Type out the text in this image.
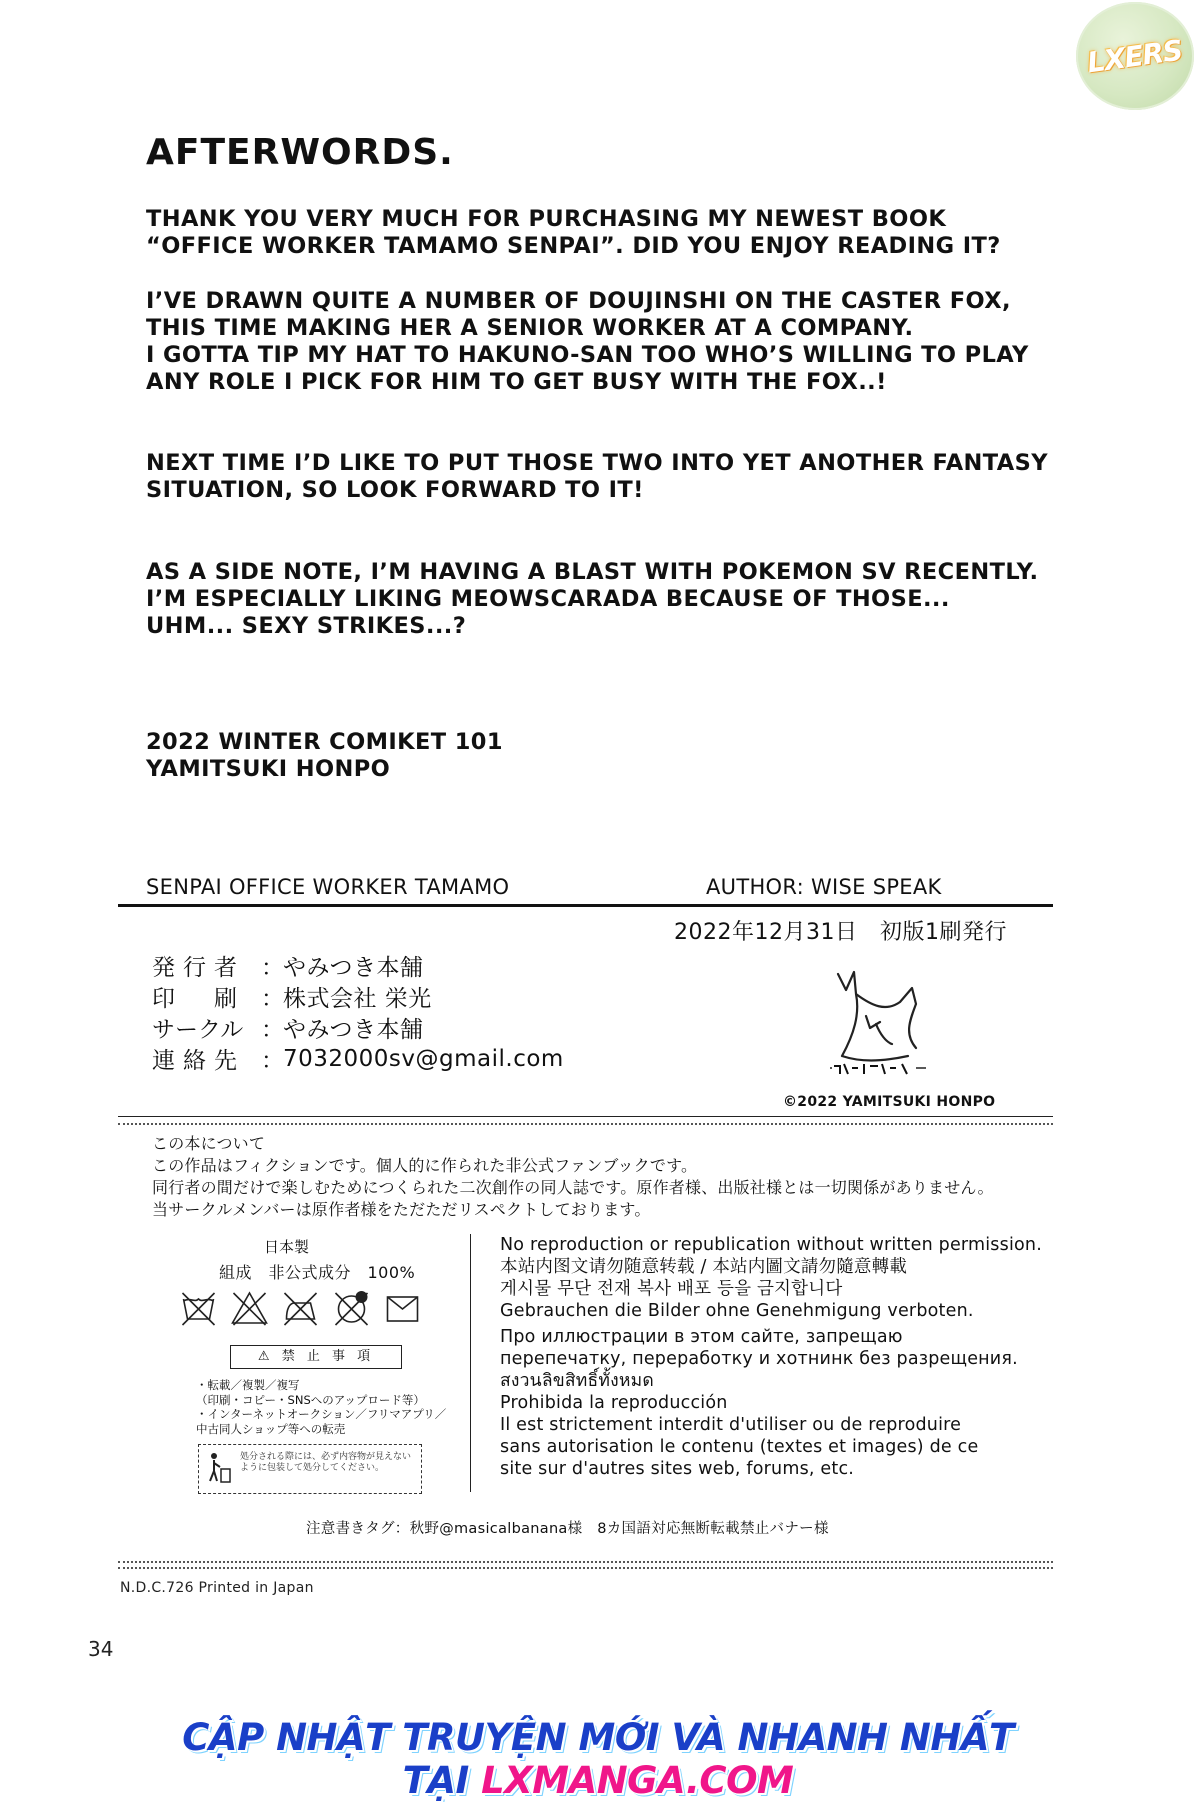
LXERS
AFTERWORDS.
THANK YOU VERY MUCH FOR PURCHASING MY NEWEST BOOK
“OFFICE WORKER TAMAMO SENPAI”. DID YOU ENJOY READING IT?
I’VE DRAWN QUITE A NUMBER OF DOUJINSHI ON THE CASTER FOX,
THIS TIME MAKING HER A SENIOR WORKER AT A COMPANY.
I GOTTA TIP MY HAT TO HAKUNO-SAN TOO WHO’S WILLING TO PLAY
ANY ROLE I PICK FOR HIM TO GET BUSY WITH THE FOX..!
NEXT TIME I’D LIKE TO PUT THOSE TWO INTO YET ANOTHER FANTASY
SITUATION, SO LOOK FORWARD TO IT!
AS A SIDE NOTE, I’M HAVING A BLAST WITH POKEMON SV RECENTLY.
I’M ESPECIALLY LIKING MEOWSCARADA BECAUSE OF THOSE...
UHM... SEXY STRIKES...?
2022 WINTER COMIKET 101
YAMITSUKI HONPO
SENPAI OFFICE WORKER TAMAMO	AUTHOR: WISE SPEAK
2022年12月31日　初版1刷発行
発行者 ： やみつき本舗
印　刷 ： 株式会社 栄光
サークル ： やみつき本舗
連絡先 ： 7032000sv@gmail.com
©2022 YAMITSUKI HONPO
この本について
この作品はフィクションです。個人的に作られた非公式ファンブックです。
同行者の間だけで楽しむためにつくられた二次創作の同人誌です。原作者様、出版社様とは一切関係がありません。
当サークルメンバーは原作者様をただただリスペクトしております。
日本製
組成　非公式成分　100%
⚠ 禁 止 事 項
・転載／複製／複写
（印刷・コピー・SNSへのアップロード等）
・インターネットオークション／フリマアプリ／
中古同人ショップ等への転売
処分される際には、必ず内容物が見えないように包装して処分してください。
No reproduction or republication without written permission.
本站内图文请勿随意转载 / 本站内圖文請勿隨意轉載
게시물 무단 전재 복사 배포 등을 금지합니다
Gebrauchen die Bilder ohne Genehmigung verboten.
Про иллюстрации в этом сайте, запрещаю
перепечатку, переработку и хотнинк без разрещения.
สงวนลิขสิทธิ์ทั้งหมด
Prohibida la reproducción
Il est strictement interdit d'utiliser ou de reproduire
sans autorisation le contenu (textes et images) de ce
site sur d'autres sites web, forums, etc.
注意書きタグ：秋野@masicalbanana様　8カ国語対応無断転載禁止バナー様
N.D.C.726 Printed in Japan
34
CẬP NHẬT TRUYỆN MỚI VÀ NHANH NHẤT TẠI LXMANGA.COM
